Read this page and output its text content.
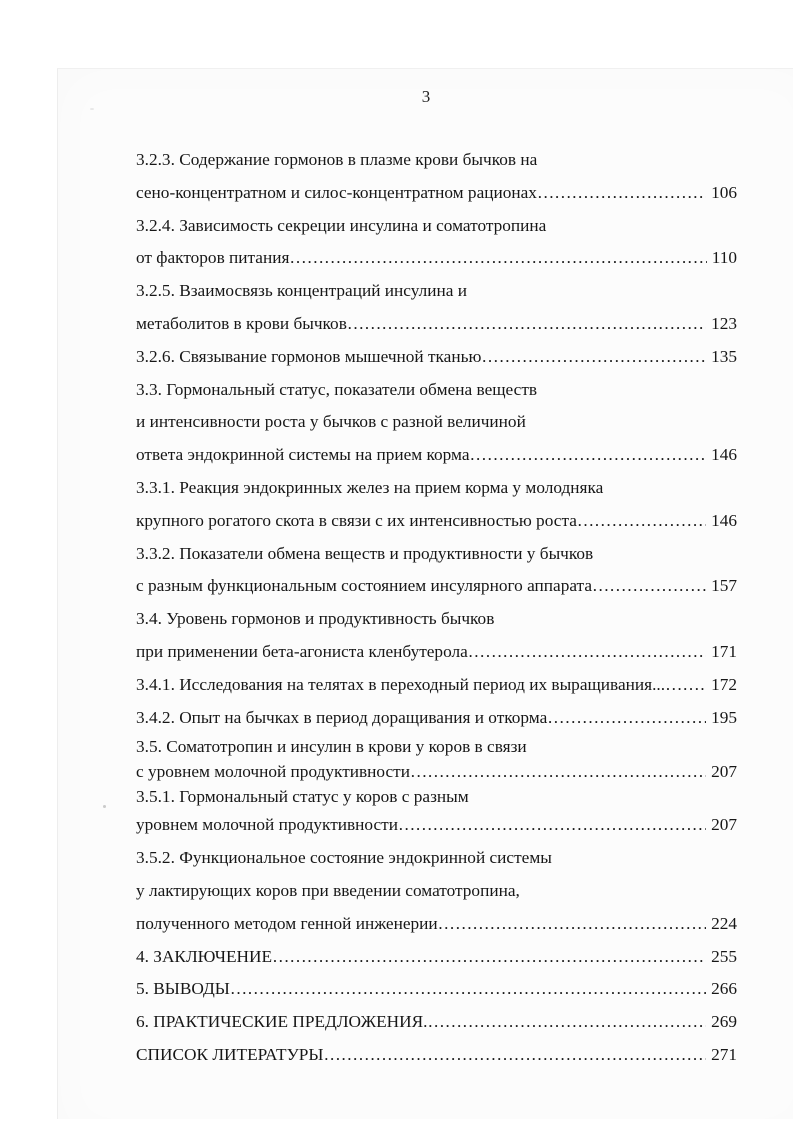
3
3.2.3. Содержание гормонов в плазме крови бычков на
сено-концентратном и силос-концентратном рационах ……………………………………………………………………………………………………	106
3.2.4. Зависимость секреции инсулина и соматотропина
от факторов питания ……………………………………………………………………………………………………	110
3.2.5. Взаимосвязь концентраций инсулина и
метаболитов в крови бычков ……………………………………………………………………………………………………	123
3.2.6. Связывание гормонов мышечной тканью ……………………………………………………………………………………………………	135
3.3. Гормональный статус, показатели обмена веществ
и интенсивности роста у бычков с разной величиной
ответа эндокринной системы на прием корма ……………………………………………………………………………………………………	146
3.3.1. Реакция эндокринных желез на прием корма у молодняка
крупного рогатого скота в связи с их интенсивностью роста ……………………………………………………………………………………………………	146
3.3.2. Показатели обмена веществ и продуктивности у бычков
с разным функциональным состоянием инсулярного аппарата ……………………………………………………………………………………………………	157
3.4. Уровень гормонов и продуктивность бычков
при применении бета-агониста кленбутерола ……………………………………………………………………………………………………	171
3.4.1. Исследования на телятах в переходный период их выращивания... ……………………………………………………………………………………………………	172
3.4.2. Опыт на бычках в период доращивания и откорма ……………………………………………………………………………………………………	195
3.5. Соматотропин и инсулин в крови у коров в связи
с уровнем молочной продуктивности ……………………………………………………………………………………………………	207
3.5.1. Гормональный статус у коров с разным
уровнем молочной продуктивности ……………………………………………………………………………………………………	207
3.5.2. Функциональное состояние эндокринной системы
у лактирующих коров при введении соматотропина,
полученного методом генной инженерии ……………………………………………………………………………………………………	224
4. ЗАКЛЮЧЕНИЕ ……………………………………………………………………………………………………	255
5. ВЫВОДЫ ……………………………………………………………………………………………………	266
6. ПРАКТИЧЕСКИЕ ПРЕДЛОЖЕНИЯ. ……………………………………………………………………………………………………	269
СПИСОК ЛИТЕРАТУРЫ ……………………………………………………………………………………………………	271
